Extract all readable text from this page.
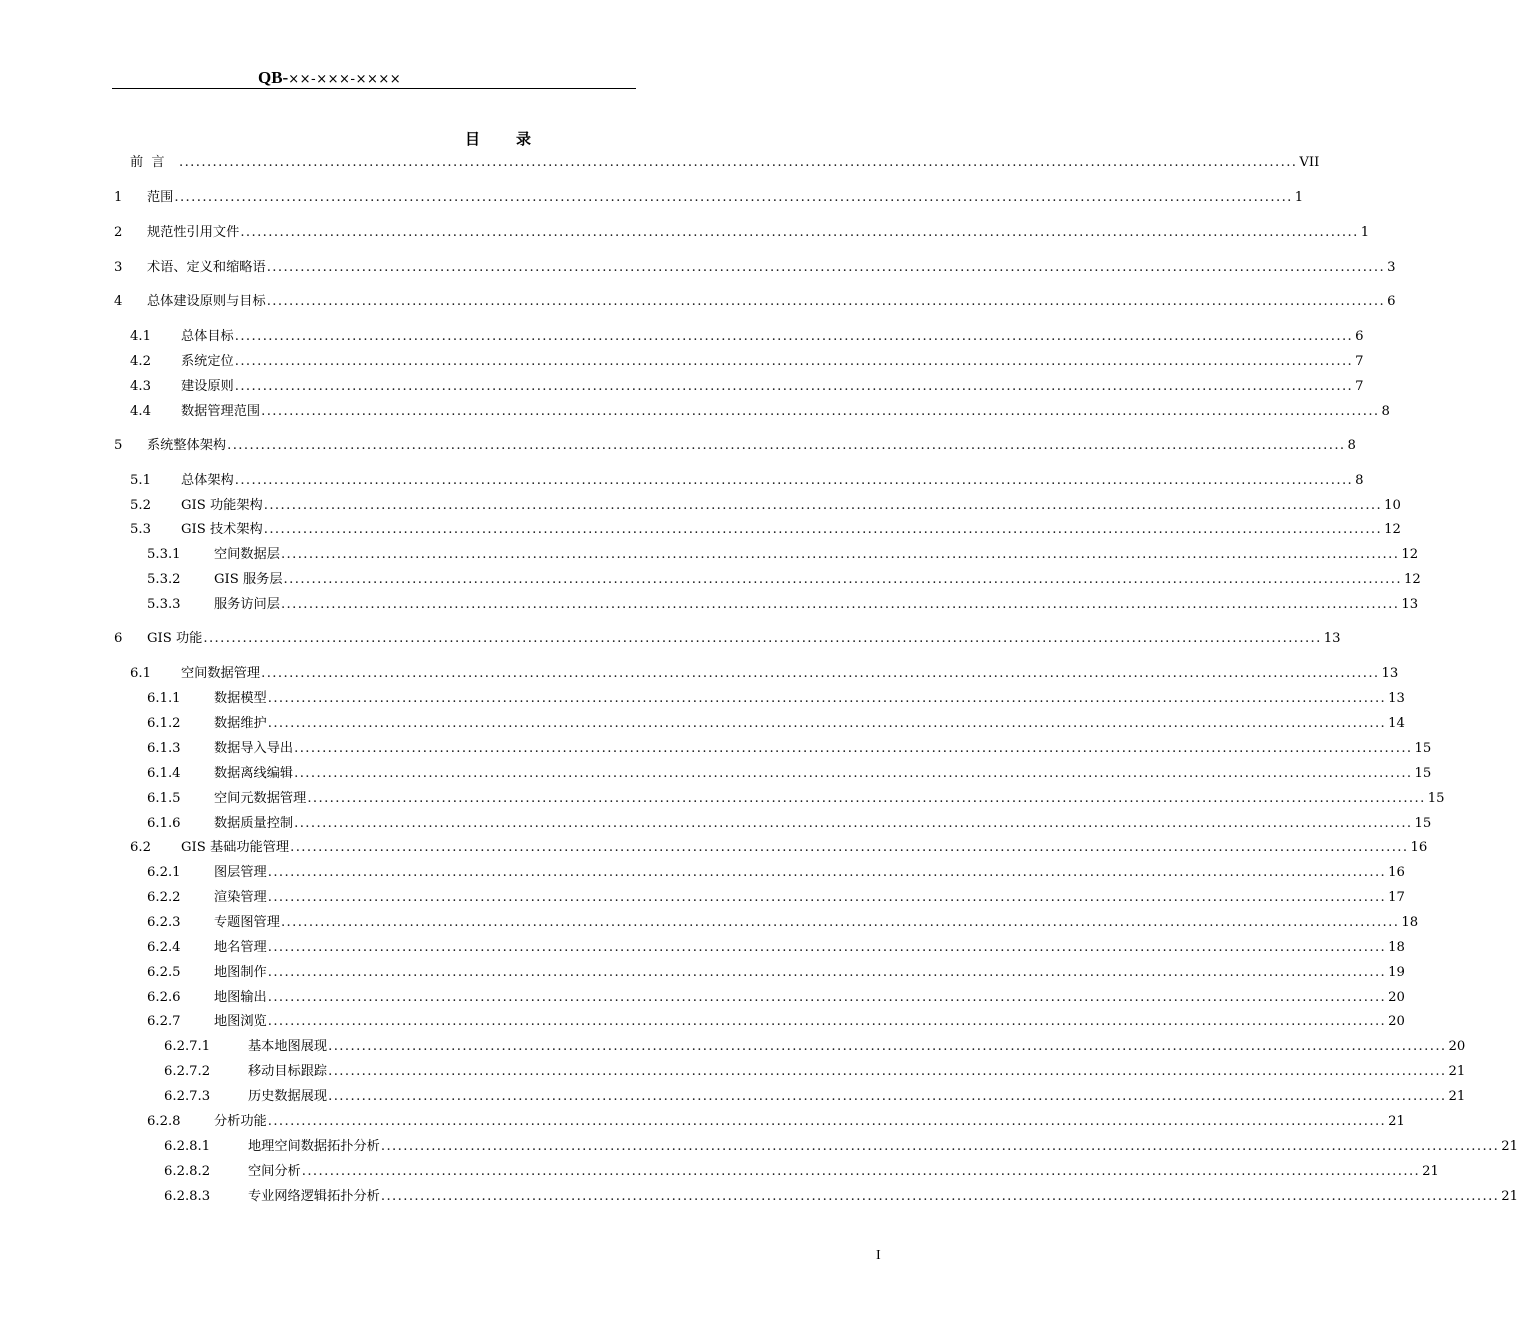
QB-××-×××-××××
目 录
前 言 ........................................................................................................................................................................................................ VII
1 范围 ........................................................................................................................................................................................................ 1
2 规范性引用文件 ........................................................................................................................................................................................................ 1
3 术语、定义和缩略语 ........................................................................................................................................................................................................ 3
4 总体建设原则与目标 ........................................................................................................................................................................................................ 6
4.1 总体目标 ........................................................................................................................................................................................................ 6
4.2 系统定位 ........................................................................................................................................................................................................ 7
4.3 建设原则 ........................................................................................................................................................................................................ 7
4.4 数据管理范围 ........................................................................................................................................................................................................ 8
5 系统整体架构 ........................................................................................................................................................................................................ 8
5.1 总体架构 ........................................................................................................................................................................................................ 8
5.2 GIS 功能架构 ........................................................................................................................................................................................................ 10
5.3 GIS 技术架构 ........................................................................................................................................................................................................ 12
5.3.1	空间数据层 ........................................................................................................................................................................................................ 12
5.3.2	GIS 服务层 ........................................................................................................................................................................................................ 12
5.3.3	服务访问层 ........................................................................................................................................................................................................ 13
6 GIS 功能 ........................................................................................................................................................................................................ 13
6.1 空间数据管理 ........................................................................................................................................................................................................ 13
6.1.1	数据模型 ........................................................................................................................................................................................................ 13
6.1.2	数据维护 ........................................................................................................................................................................................................ 14
6.1.3	数据导入导出 ........................................................................................................................................................................................................ 15
6.1.4	数据离线编辑 ........................................................................................................................................................................................................ 15
6.1.5	空间元数据管理 ........................................................................................................................................................................................................ 15
6.1.6	数据质量控制 ........................................................................................................................................................................................................ 15
6.2 GIS 基础功能管理 ........................................................................................................................................................................................................ 16
6.2.1	图层管理 ........................................................................................................................................................................................................ 16
6.2.2	渲染管理 ........................................................................................................................................................................................................ 17
6.2.3	专题图管理 ........................................................................................................................................................................................................ 18
6.2.4	地名管理 ........................................................................................................................................................................................................ 18
6.2.5	地图制作 ........................................................................................................................................................................................................ 19
6.2.6	地图输出 ........................................................................................................................................................................................................ 20
6.2.7	地图浏览 ........................................................................................................................................................................................................ 20
6.2.7.1	基本地图展现 ........................................................................................................................................................................................................ 20
6.2.7.2	移动目标跟踪 ........................................................................................................................................................................................................ 21
6.2.7.3	历史数据展现 ........................................................................................................................................................................................................ 21
6.2.8	分析功能 ........................................................................................................................................................................................................ 21
6.2.8.1	地理空间数据拓扑分析 ........................................................................................................................................................................................................ 21
6.2.8.2	空间分析 ........................................................................................................................................................................................................ 21
6.2.8.3	专业网络逻辑拓扑分析 ........................................................................................................................................................................................................ 21
I
